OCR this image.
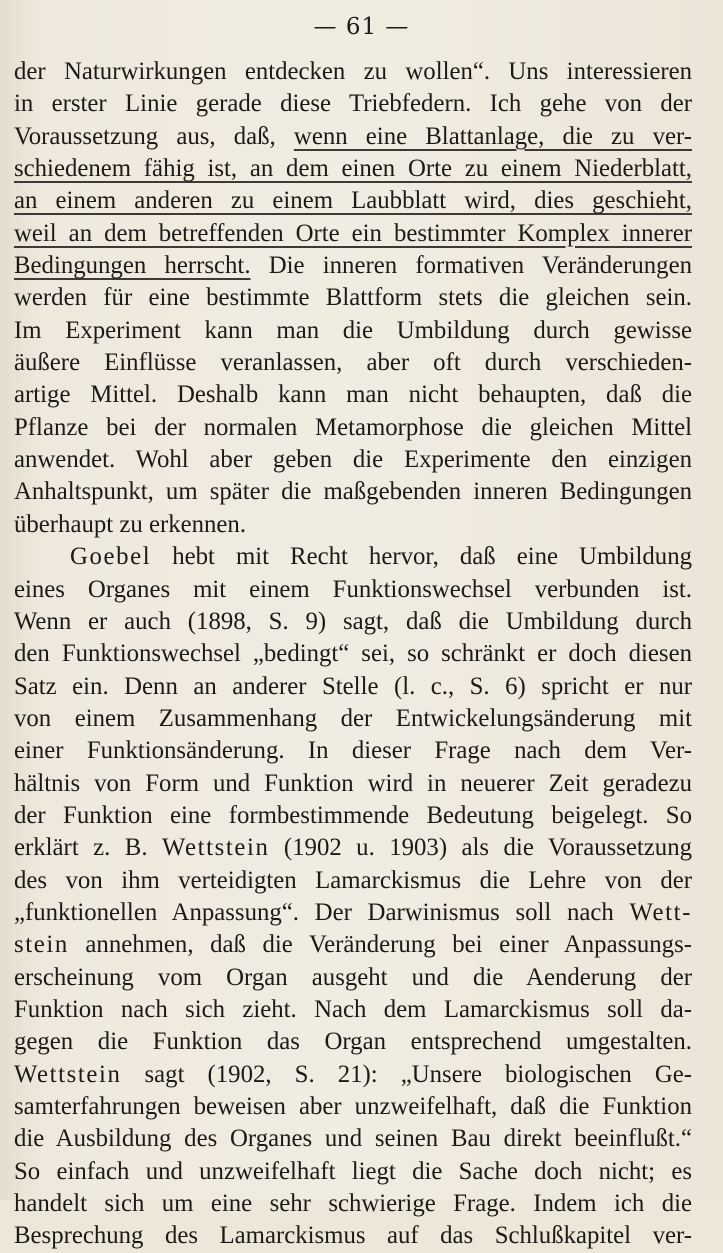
— 61 —
der Naturwirkungen entdecken zu wollen“. Uns interessieren
in erster Linie gerade diese Triebfedern. Ich gehe von der
Voraussetzung aus, daß, wenn eine Blattanlage, die zu ver-
schiedenem fähig ist, an dem einen Orte zu einem Niederblatt,
an einem anderen zu einem Laubblatt wird, dies geschieht,
weil an dem betreffenden Orte ein bestimmter Komplex innerer
Bedingungen herrscht. Die inneren formativen Veränderungen
werden für eine bestimmte Blattform stets die gleichen sein.
Im Experiment kann man die Umbildung durch gewisse
äußere Einflüsse veranlassen, aber oft durch verschieden-
artige Mittel. Deshalb kann man nicht behaupten, daß die
Pflanze bei der normalen Metamorphose die gleichen Mittel
anwendet. Wohl aber geben die Experimente den einzigen
Anhaltspunkt, um später die maßgebenden inneren Bedingungen
überhaupt zu erkennen.
Goebel hebt mit Recht hervor, daß eine Umbildung
eines Organes mit einem Funktionswechsel verbunden ist.
Wenn er auch (1898, S. 9) sagt, daß die Umbildung durch
den Funktionswechsel „bedingt“ sei, so schränkt er doch diesen
Satz ein. Denn an anderer Stelle (l. c., S. 6) spricht er nur
von einem Zusammenhang der Entwickelungsänderung mit
einer Funktionsänderung. In dieser Frage nach dem Ver-
hältnis von Form und Funktion wird in neuerer Zeit geradezu
der Funktion eine formbestimmende Bedeutung beigelegt. So
erklärt z. B. Wettstein (1902 u. 1903) als die Voraussetzung
des von ihm verteidigten Lamarckismus die Lehre von der
„funktionellen Anpassung“. Der Darwinismus soll nach Wett-
stein annehmen, daß die Veränderung bei einer Anpassungs-
erscheinung vom Organ ausgeht und die Aenderung der
Funktion nach sich zieht. Nach dem Lamarckismus soll da-
gegen die Funktion das Organ entsprechend umgestalten.
Wettstein sagt (1902, S. 21): „Unsere biologischen Ge-
samterfahrungen beweisen aber unzweifelhaft, daß die Funktion
die Ausbildung des Organes und seinen Bau direkt beeinflußt.“
So einfach und unzweifelhaft liegt die Sache doch nicht; es
handelt sich um eine sehr schwierige Frage. Indem ich die
Besprechung des Lamarckismus auf das Schlußkapitel ver-
